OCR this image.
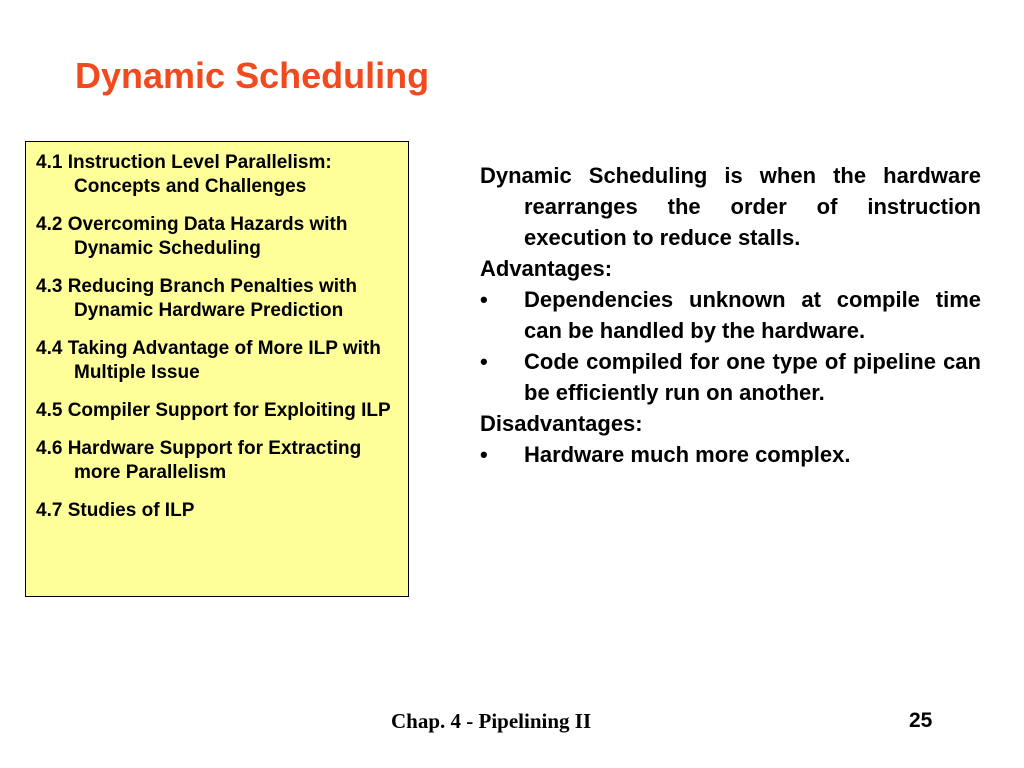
Dynamic Scheduling

4.1 Instruction Level Parallelism: Concepts and Challenges

4.2 Overcoming Data Hazards with Dynamic Scheduling

4.3 Reducing Branch Penalties with Dynamic Hardware Prediction

4.4 Taking Advantage of More ILP with Multiple Issue

4.5 Compiler Support for Exploiting ILP

4.6 Hardware Support for Extracting more Parallelism

4.7 Studies of ILP

Dynamic Scheduling is when the hardware rearranges the order of instruction execution to reduce stalls.

Advantages:

• Dependencies unknown at compile time can be handled by the hardware.

• Code compiled for one type of pipeline can be efficiently run on another.

Disadvantages:

• Hardware much more complex.

Chap. 4 - Pipelining II	25
